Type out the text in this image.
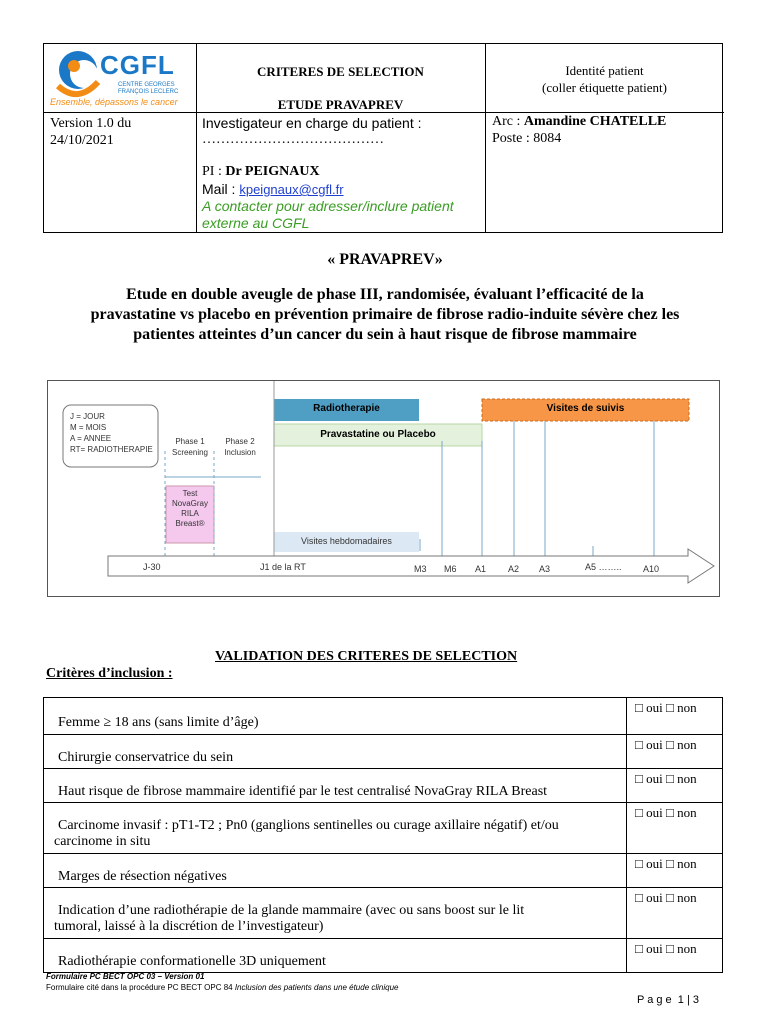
CGFL
CENTRE GEORGES
FRANÇOIS LECLERC
Ensemble, dépassons le cancer
Version 1.0 du
24/10/2021
CRITERES DE SELECTION
ETUDE PRAVAPREV
Investigateur en charge du patient :
…………………………………
PI : Dr PEIGNAUX
Mail : kpeignaux@cgfl.fr
A contacter pour adresser/inclure patient
externe au CGFL
Identité patient
(coller étiquette patient)
Arc : Amandine CHATELLE
Poste : 8084
« PRAVAPREV»
Etude en double aveugle de phase III, randomisée, évaluant l’efficacité de la
pravastatine vs placebo en prévention primaire de fibrose radio-induite sévère chez les
patientes atteintes d’un cancer du sein à haut risque de fibrose mammaire
J = JOUR
M = MOIS
A = ANNEE
RT= RADIOTHERAPIE
Phase 1
Screening
Phase 2
Inclusion
Radiotherapie
Pravastatine ou Placebo
Visites de suivis
Test
NovaGray
RILA
Breast®
Visites hebdomadaires
J-30	J1 de la RT	M3 M6 A1 A2 A3	A5 …….. A10
VALIDATION DES CRITERES DE SELECTION
Critères d’inclusion :
Femme ≥ 18 ans (sans limite d’âge)
□ oui □ non
Chirurgie conservatrice du sein
□ oui □ non
Haut risque de fibrose mammaire identifié par le test centralisé NovaGray RILA Breast
□ oui □ non
Carcinome invasif : pT1-T2 ; Pn0 (ganglions sentinelles ou curage axillaire négatif) et/ou
carcinome in situ
□ oui □ non
Marges de résection négatives
□ oui □ non
Indication d’une radiothérapie de la glande mammaire (avec ou sans boost sur le lit
tumoral, laissé à la discrétion de l’investigateur)
□ oui □ non
Radiothérapie conformationelle 3D uniquement
□ oui □ non
Formulaire PC BECT OPC 03 – Version 01
Formulaire cité dans la procédure PC BECT OPC 84 Inclusion des patients dans une étude clinique
P a g e  1 | 3
